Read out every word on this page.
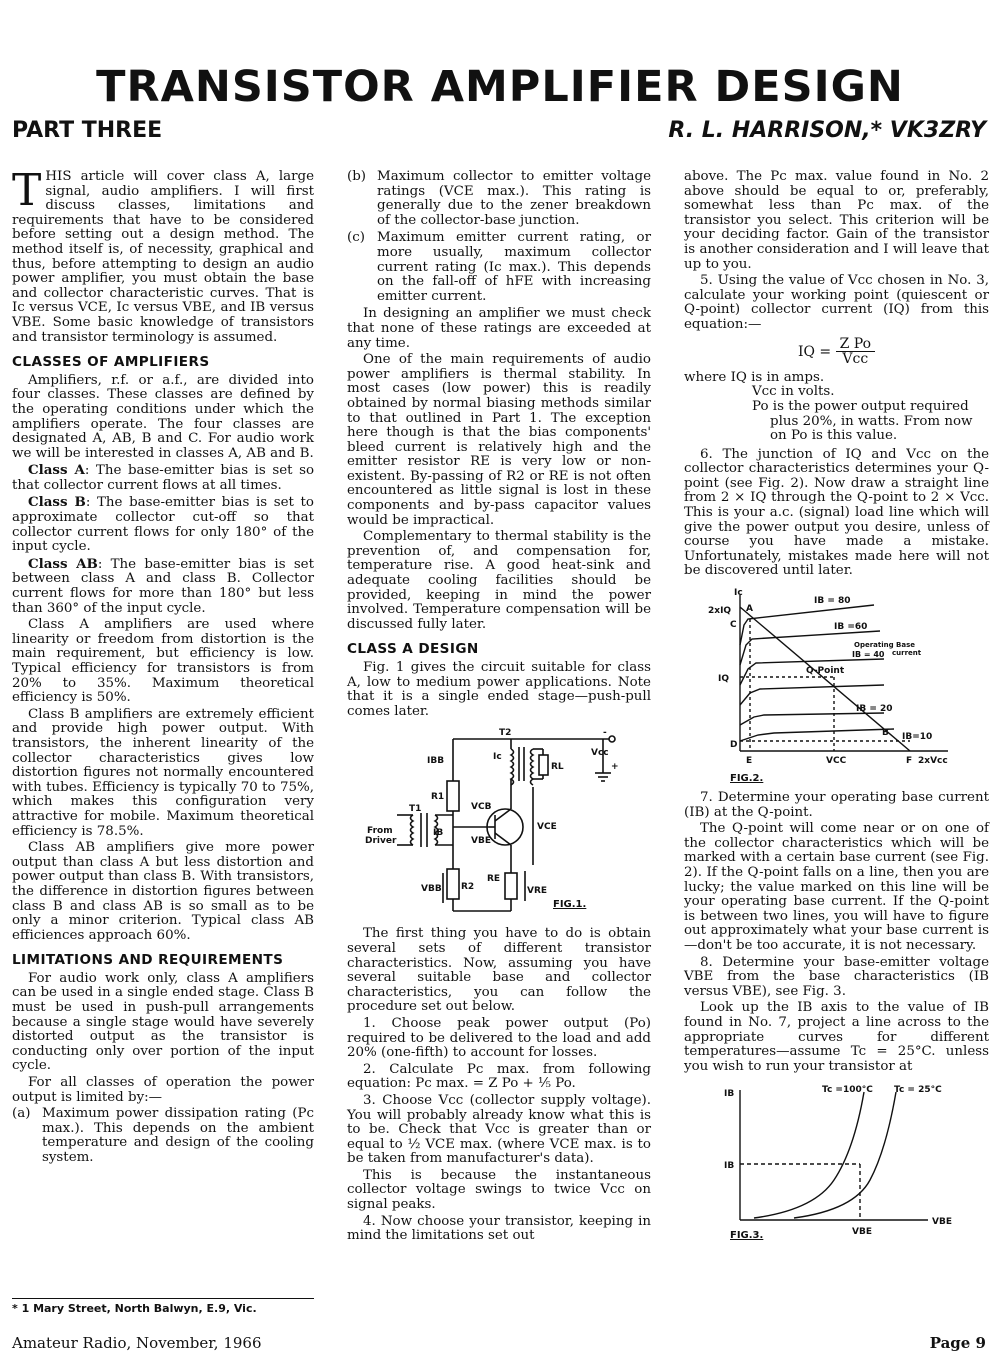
TRANSISTOR AMPLIFIER DESIGN
PART THREE	R. L. HARRISON,* VK3ZRY

THIS article will cover class A, large signal, audio amplifiers. I will first discuss classes, limitations and requirements that have to be considered before setting out a design method. The method itself is, of necessity, graphical and thus, before attempting to design an audio power amplifier, you must obtain the base and collector characteristic curves. That is Ic versus VCE, Ic versus VBE, and IB versus VBE. Some basic knowledge of transistors and transistor terminology is assumed.

CLASSES OF AMPLIFIERS

Amplifiers, r.f. or a.f., are divided into four classes. These classes are defined by the operating conditions under which the amplifiers operate. The four classes are designated A, AB, B and C. For audio work we will be interested in classes A, AB and B.

Class A: The base-emitter bias is set so that collector current flows at all times.

Class B: The base-emitter bias is set to approximate collector cut-off so that collector current flows for only 180° of the input cycle.

Class AB: The base-emitter bias is set between class A and class B. Collector current flows for more than 180° but less than 360° of the input cycle.

Class A amplifiers are used where linearity or freedom from distortion is the main requirement, but efficiency is low. Typical efficiency for transistors is from 20% to 35%. Maximum theoretical efficiency is 50%.

Class B amplifiers are extremely efficient and provide high power output. With transistors, the inherent linearity of the collector characteristics gives low distortion figures not normally encountered with tubes. Efficiency is typically 70 to 75%, which makes this configuration very attractive for mobile. Maximum theoretical efficiency is 78.5%.

Class AB amplifiers give more power output than class A but less distortion and power output than class B. With transistors, the difference in distortion figures between class B and class AB is so small as to be only a minor criterion. Typical class AB efficiences approach 60%.

LIMITATIONS AND REQUIREMENTS

For audio work only, class A amplifiers can be used in a single ended stage. Class B must be used in push-pull arrangements because a single stage would have severely distorted output as the transistor is conducting only over portion of the input cycle.

For all classes of operation the power output is limited by:—

(a) Maximum power dissipation rating (Pc max.). This depends on the ambient temperature and design of the cooling system.
(b) Maximum collector to emitter voltage ratings (VCE max.). This rating is generally due to the zener breakdown of the collector-base junction.
(c) Maximum emitter current rating, or more usually, maximum collector current rating (Ic max.). This depends on the fall-off of hFE with increasing emitter current.

In designing an amplifier we must check that none of these ratings are exceeded at any time.

One of the main requirements of audio power amplifiers is thermal stability. In most cases (low power) this is readily obtained by normal biasing methods similar to that outlined in Part 1. The exception here though is that the bias components' bleed current is relatively high and the emitter resistor RE is very low or non-existent. By-passing of R2 or RE is not often encountered as little signal is lost in these components and by-pass capacitor values would be impractical.

Complementary to thermal stability is the prevention of, and compensation for, temperature rise. A good heat-sink and adequate cooling facilities should be provided, keeping in mind the power involved. Temperature compensation will be discussed fully later.

CLASS A DESIGN

Fig. 1 gives the circuit suitable for class A, low to medium power applications. Note that it is a single ended stage—push-pull comes later.

T2	-
IBB	Ic
RL
Vcc
+
R1
VCB
T1
IB
VBE
VCE
From
Driver
RE
VRE
VBB R2
FIG.1.

The first thing you have to do is obtain several sets of different transistor characteristics. Now, assuming you have several suitable base and collector characteristics, you can follow the procedure set out below.

1. Choose peak power output (Po) required to be delivered to the load and add 20% (one-fifth) to account for losses.

2. Calculate Pc max. from following equation: Pc max. = Z Po + ⅕ Po.

3. Choose Vcc (collector supply voltage). You will probably already know what this is to be. Check that Vcc is greater than or equal to ½ VCE max. (where VCE max. is to be taken from manufacturer's data).

This is because the instantaneous collector voltage swings to twice Vcc on signal peaks.

4. Now choose your transistor, keeping in mind the limitations set out

above. The Pc max. value found in No. 2 above should be equal to or, preferably, somewhat less than Pc max. of the transistor you select. This criterion will be your deciding factor. Gain of the transistor is another consideration and I will leave that up to you.

5. Using the value of Vcc chosen in No. 3, calculate your working point (quiescent or Q-point) collector current (IQ) from this equation:—

IQ = $\frac{\text{Z Po}}{\text{Vcc}}$
where IQ is in amps.
Vcc in volts.
Po is the power output required
plus 20%, in watts. From now
on Po is this value.

6. The junction of IQ and Vcc on the collector characteristics determines your Q-point (see Fig. 2). Now draw a straight line from 2 × IQ through the Q-point to 2 × Vcc. This is your a.c. (signal) load line which will give the power output you desire, unless of course you have made a mistake. Unfortunately, mistakes made here will not be discovered until later.

Ic
2xIQ A
IB = 80
C	IB =60
Operating Base
IB = 40 current
Q-Point
IQ
IB = 20
B IB=10
D
E	VCC	F 2xVcc
FIG.2.

7. Determine your operating base current (IB) at the Q-point.

The Q-point will come near or on one of the collector characteristics which will be marked with a certain base current (see Fig. 2). If the Q-point falls on a line, then you are lucky; the value marked on this line will be your operating base current. If the Q-point is between two lines, you will have to figure out approximately what your base current is—don't be too accurate, it is not necessary.

8. Determine your base-emitter voltage VBE from the base characteristics (IB versus VBE), see Fig. 3.

Look up the IB axis to the value of IB found in No. 7, project a line across to the appropriate curves for different temperatures—assume Tc = 25°C. unless you wish to run your transistor at

IB	Tc =100°C Tc = 25°C
IB
VBE
VBE
FIG.3.
* 1 Mary Street, North Balwyn, E.9, Vic.
Amateur Radio, November, 1966	Page 9
